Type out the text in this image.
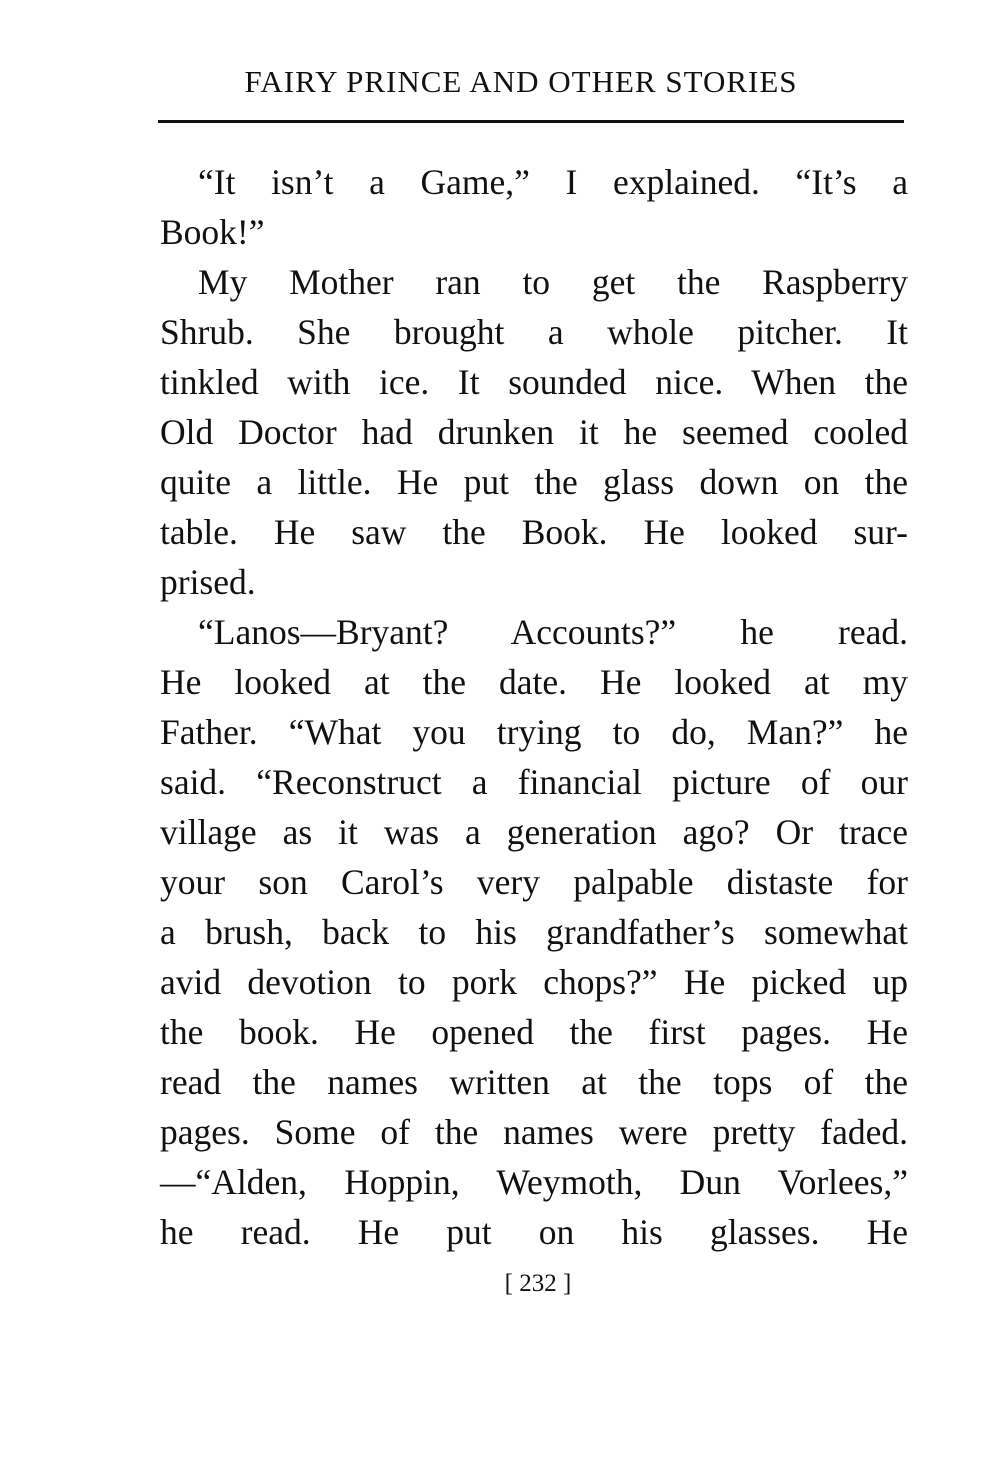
FAIRY PRINCE AND OTHER STORIES
“It isn’t a Game,” I explained. “It’s a
Book!”
My Mother ran to get the Raspberry
Shrub. She brought a whole pitcher. It
tinkled with ice. It sounded nice. When the
Old Doctor had drunken it he seemed cooled
quite a little. He put the glass down on the
table. He saw the Book. He looked sur-
prised.
“Lanos—Bryant? Accounts?” he read.
He looked at the date. He looked at my
Father. “What you trying to do, Man?” he
said. “Reconstruct a financial picture of our
village as it was a generation ago? Or trace
your son Carol’s very palpable distaste for
a brush, back to his grandfather’s somewhat
avid devotion to pork chops?” He picked up
the book. He opened the first pages. He
read the names written at the tops of the
pages. Some of the names were pretty faded.
—“Alden, Hoppin, Weymoth, Dun Vorlees,”
he read. He put on his glasses. He
[ 232 ]
